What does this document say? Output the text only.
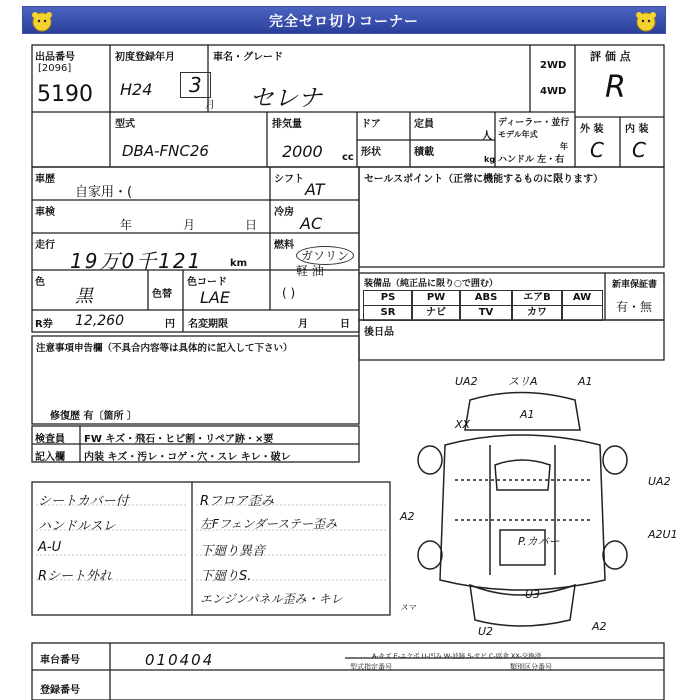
完全ゼロ切りコーナー
出品番号
[2096]
5190
初度登録年月
H24	3
月
車名・グレード
セレナ
2WD
4WD
評 価 点
R
外 装 内 装
C C
型式
DBA-FNC26
排気量
2000 cc
ドア
形状
定員
人
積載
kg
ディーラー・並行
モデル年式
年
ハンドル 左・右
車歴
自家用・(
シフト
AT
車検
年	月	日
冷房
AC
走行
19万0千121	km
燃料
ガソリン
軽 油
( )
色
黒	色替
色コード
LAE
R券 12,260	円 名変期限	月	日
セールスポイント（正常に機能するものに限ります）
装備品（純正品に限り○で囲む）	新車保証書
有・無
PS	PW	ABS	エアB	AW
SR	ナビ	TV	カワ
後日品
注意事項申告欄（不具合内容等は具体的に記入して下さい）
修復歴 有〔箇所 〕
検査員 FW キズ・飛石・ヒビ割・リペア跡・×要
記入欄 内装 キズ・汚レ・コゲ・穴・スレ キレ・破レ
シートカバー付
ハンドルスレ
A-U
Rシート外れ
Rフロア歪み
左Fフェンダーステー歪み
下廻り異音
下廻りS.
エンジンパネル歪み・キレ
UA2	スリA	A1
XX
A1
UA2
A2
A2U1
P.カバー
U3
A2
スマ
U2
A-キズ E-エクボ U-凹み W-波跡 S-サビ C-腐食 XX-交換済
車台番号	010404
登録番号
型式指定番号	類別区分番号
